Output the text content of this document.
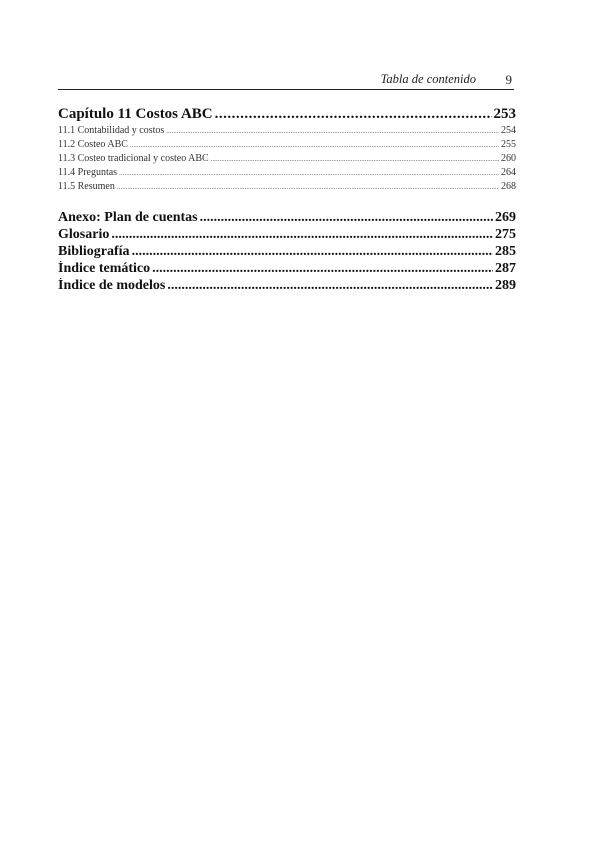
Tabla de contenido 9
Capítulo 11 Costos ABC .....	253
11.1 Contabilidad y costos .....	254
11.2 Costeo ABC .....	255
11.3 Costeo tradicional y costeo ABC .....	260
11.4 Preguntas .....	264
11.5 Resumen .....	268
Anexo: Plan de cuentas .....	269
Glosario .....	275
Bibliografía .....	285
Índice temático .....	287
Índice de modelos .....	289
